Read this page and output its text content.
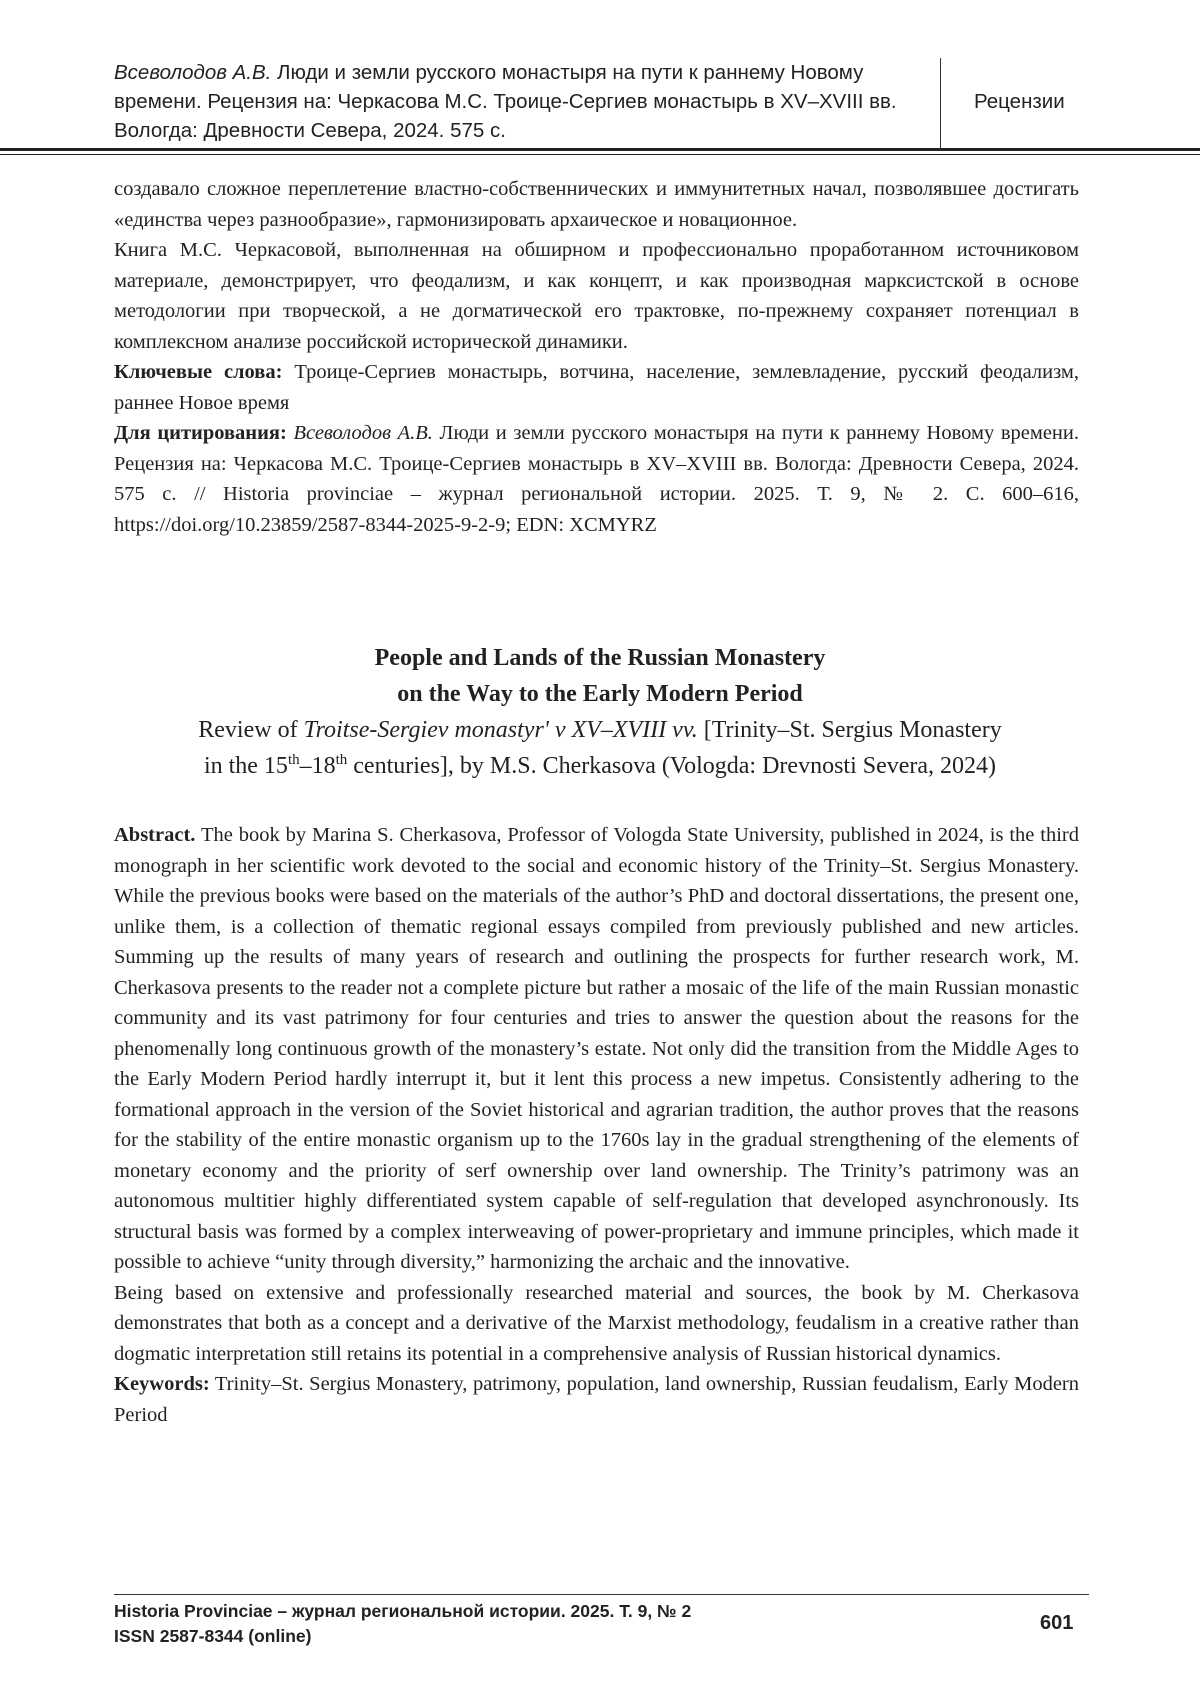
Всеволодов А.В. Люди и земли русского монастыря на пути к раннему Новому времени. Рецензия на: Черкасова М.С. Троице-Сергиев монастырь в XV–XVIII вв. Вологда: Древности Севера, 2024. 575 с.
Рецензии

создавало сложное переплетение властно-собственнических и иммунитетных начал, позволявшее достигать «единства через разнообразие», гармонизировать архаическое и новационное.

Книга М.С. Черкасовой, выполненная на обширном и профессионально проработанном источниковом материале, демонстрирует, что феодализм, и как концепт, и как производная марксистской в основе методологии при творческой, а не догматической его трактовке, по-прежнему сохраняет потенциал в комплексном анализе российской исторической динамики.

Ключевые слова: Троице-Сергиев монастырь, вотчина, население, землевладение, русский феодализм, раннее Новое время

Для цитирования: Всеволодов А.В. Люди и земли русского монастыря на пути к раннему Новому времени. Рецензия на: Черкасова М.С. Троице-Сергиев монастырь в XV–XVIII вв. Вологда: Древности Севера, 2024. 575 с. // Historia provinciae – журнал региональной истории. 2025. Т. 9, № 2. С. 600–616, https://doi.org/10.23859/2587-8344-2025-9-2-9; EDN: XCMYRZ

People and Lands of the Russian Monastery
on the Way to the Early Modern Period
Review of Troitse-Sergiev monastyr' v XV–XVIII vv. [Trinity–St. Sergius Monastery
in the 15th–18th centuries], by M.S. Cherkasova (Vologda: Drevnosti Severa, 2024)

Abstract. The book by Marina S. Cherkasova, Professor of Vologda State University, published in 2024, is the third monograph in her scientific work devoted to the social and economic history of the Trinity–St. Sergius Monastery. While the previous books were based on the materials of the author’s PhD and doctoral dissertations, the present one, unlike them, is a collection of thematic regional essays compiled from previously published and new articles. Summing up the results of many years of research and outlining the prospects for further research work, M. Cherkasova presents to the reader not a complete picture but rather a mosaic of the life of the main Russian monastic community and its vast patrimony for four centuries and tries to answer the question about the reasons for the phenomenally long continuous growth of the monastery’s estate. Not only did the transition from the Middle Ages to the Early Modern Period hardly interrupt it, but it lent this process a new impetus. Consistently adhering to the formational approach in the version of the Soviet historical and agrarian tradition, the author proves that the reasons for the stability of the entire monastic organism up to the 1760s lay in the gradual strengthening of the elements of monetary economy and the priority of serf ownership over land ownership. The Trinity’s patrimony was an autonomous multitier highly differentiated system capable of self-regulation that developed asynchronously. Its structural basis was formed by a complex interweaving of power-proprietary and immune principles, which made it possible to achieve “unity through diversity,” harmonizing the archaic and the innovative.

Being based on extensive and professionally researched material and sources, the book by M. Cherkasova demonstrates that both as a concept and a derivative of the Marxist methodology, feudalism in a creative rather than dogmatic interpretation still retains its potential in a comprehensive analysis of Russian historical dynamics.

Keywords: Trinity–St. Sergius Monastery, patrimony, population, land ownership, Russian feudalism, Early Modern Period

Historia Provinciae – журнал региональной истории. 2025. Т. 9, № 2
ISSN 2587-8344 (online)
601
